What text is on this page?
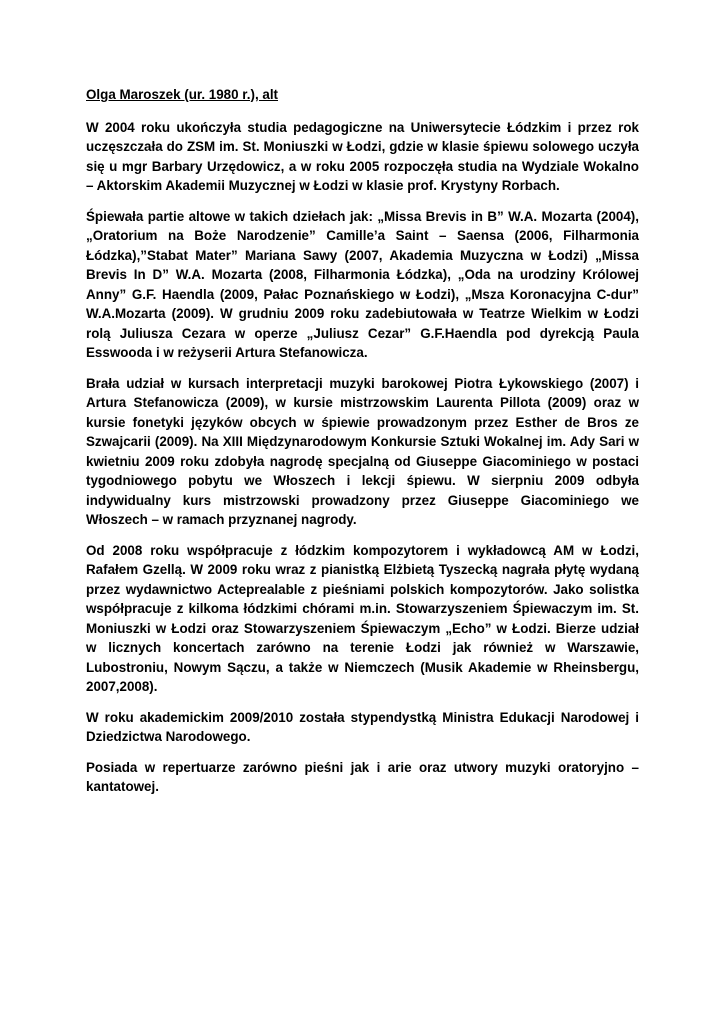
Olga Maroszek (ur. 1980 r.), alt

W 2004 roku ukończyła studia pedagogiczne na Uniwersytecie Łódzkim i przez rok uczęszczała do ZSM im. St. Moniuszki w Łodzi, gdzie w klasie śpiewu solowego uczyła się u mgr Barbary Urzędowicz, a w roku 2005 rozpoczęła studia na Wydziale Wokalno – Aktorskim Akademii Muzycznej w Łodzi w klasie prof. Krystyny Rorbach.

Śpiewała partie altowe w takich dziełach jak: „Missa Brevis in B” W.A. Mozarta (2004),„Oratorium na Boże Narodzenie” Camille’a Saint – Saensa (2006, Filharmonia Łódzka),”Stabat Mater” Mariana Sawy (2007, Akademia Muzyczna w Łodzi) „Missa Brevis In D” W.A. Mozarta (2008, Filharmonia Łódzka), „Oda na urodziny Królowej Anny” G.F. Haendla (2009, Pałac Poznańskiego w Łodzi), „Msza Koronacyjna C-dur” W.A.Mozarta (2009). W grudniu 2009 roku zadebiutowała w Teatrze Wielkim w Łodzi rolą Juliusza Cezara w operze „Juliusz Cezar” G.F.Haendla pod dyrekcją Paula Esswooda i w reżyserii Artura Stefanowicza.

Brała udział w kursach interpretacji muzyki barokowej Piotra Łykowskiego (2007) i Artura Stefanowicza (2009), w kursie mistrzowskim Laurenta Pillota (2009) oraz w kursie fonetyki języków obcych w śpiewie prowadzonym przez Esther de Bros ze Szwajcarii (2009). Na XIII Międzynarodowym Konkursie Sztuki Wokalnej im. Ady Sari w kwietniu 2009 roku zdobyła nagrodę specjalną od Giuseppe Giacominiego w postaci tygodniowego pobytu we Włoszech i lekcji śpiewu. W sierpniu 2009 odbyła indywidualny kurs mistrzowski prowadzony przez Giuseppe Giacominiego we Włoszech – w ramach przyznanej nagrody.

Od 2008 roku współpracuje z łódzkim kompozytorem i wykładowcą AM w Łodzi, Rafałem Gzellą. W 2009 roku wraz z pianistką Elżbietą Tyszecką nagrała płytę wydaną przez wydawnictwo Acteprealable z pieśniami polskich kompozytorów. Jako solistka współpracuje z kilkoma łódzkimi chórami m.in. Stowarzyszeniem Śpiewaczym im. St. Moniuszki w Łodzi oraz Stowarzyszeniem Śpiewaczym „Echo” w Łodzi. Bierze udział w licznych koncertach zarówno na terenie Łodzi jak również w Warszawie, Lubostroniu, Nowym Sączu, a także w Niemczech (Musik Akademie w Rheinsbergu, 2007,2008).

W roku akademickim 2009/2010 została stypendystką Ministra Edukacji Narodowej i Dziedzictwa Narodowego.

Posiada w repertuarze zarówno pieśni jak i arie oraz utwory muzyki oratoryjno – kantatowej.
